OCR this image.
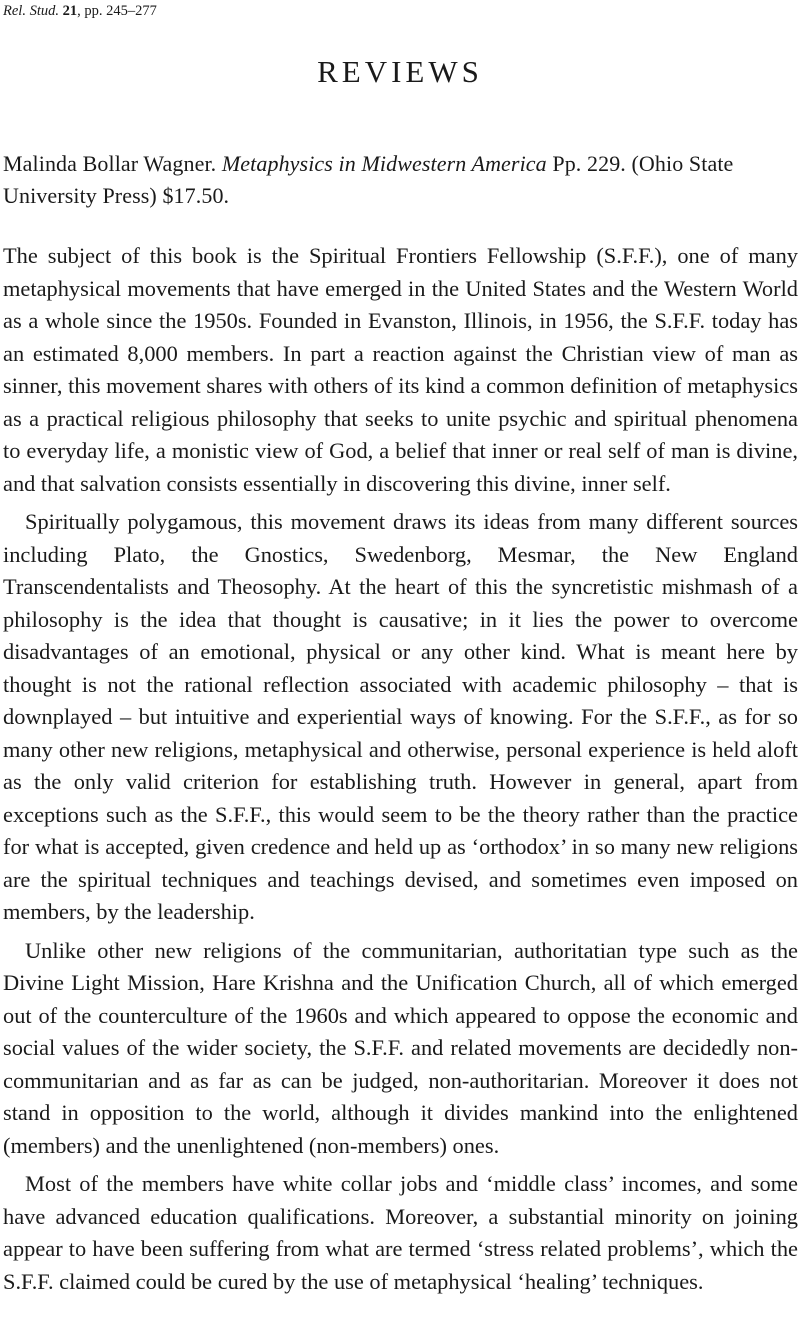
Rel. Stud. 21, pp. 245–277
REVIEWS
Malinda Bollar Wagner. Metaphysics in Midwestern America Pp. 229. (Ohio State University Press) $17.50.

The subject of this book is the Spiritual Frontiers Fellowship (S.F.F.), one of many metaphysical movements that have emerged in the United States and the Western World as a whole since the 1950s. Founded in Evanston, Illinois, in 1956, the S.F.F. today has an estimated 8,000 members. In part a reaction against the Christian view of man as sinner, this movement shares with others of its kind a common definition of metaphysics as a practical religious philosophy that seeks to unite psychic and spiritual phenomena to everyday life, a monistic view of God, a belief that inner or real self of man is divine, and that salvation consists essentially in discovering this divine, inner self.

Spiritually polygamous, this movement draws its ideas from many different sources including Plato, the Gnostics, Swedenborg, Mesmar, the New England Transcendentalists and Theosophy. At the heart of this the syncretistic mishmash of a philosophy is the idea that thought is causative; in it lies the power to overcome disadvantages of an emotional, physical or any other kind. What is meant here by thought is not the rational reflection associated with academic philosophy – that is downplayed – but intuitive and experiential ways of knowing. For the S.F.F., as for so many other new religions, metaphysical and otherwise, personal experience is held aloft as the only valid criterion for establishing truth. However in general, apart from exceptions such as the S.F.F., this would seem to be the theory rather than the practice for what is accepted, given credence and held up as ‘orthodox’ in so many new religions are the spiritual techniques and teachings devised, and sometimes even imposed on members, by the leadership.

Unlike other new religions of the communitarian, authoritatian type such as the Divine Light Mission, Hare Krishna and the Unification Church, all of which emerged out of the counterculture of the 1960s and which appeared to oppose the economic and social values of the wider society, the S.F.F. and related movements are decidedly non-communitarian and as far as can be judged, non-authoritarian. Moreover it does not stand in opposition to the world, although it divides mankind into the enlightened (members) and the unenlightened (non-members) ones.

Most of the members have white collar jobs and ‘middle class’ incomes, and some have advanced education qualifications. Moreover, a substantial minority on joining appear to have been suffering from what are termed ‘stress related problems’, which the S.F.F. claimed could be cured by the use of metaphysical ‘healing’ techniques.
